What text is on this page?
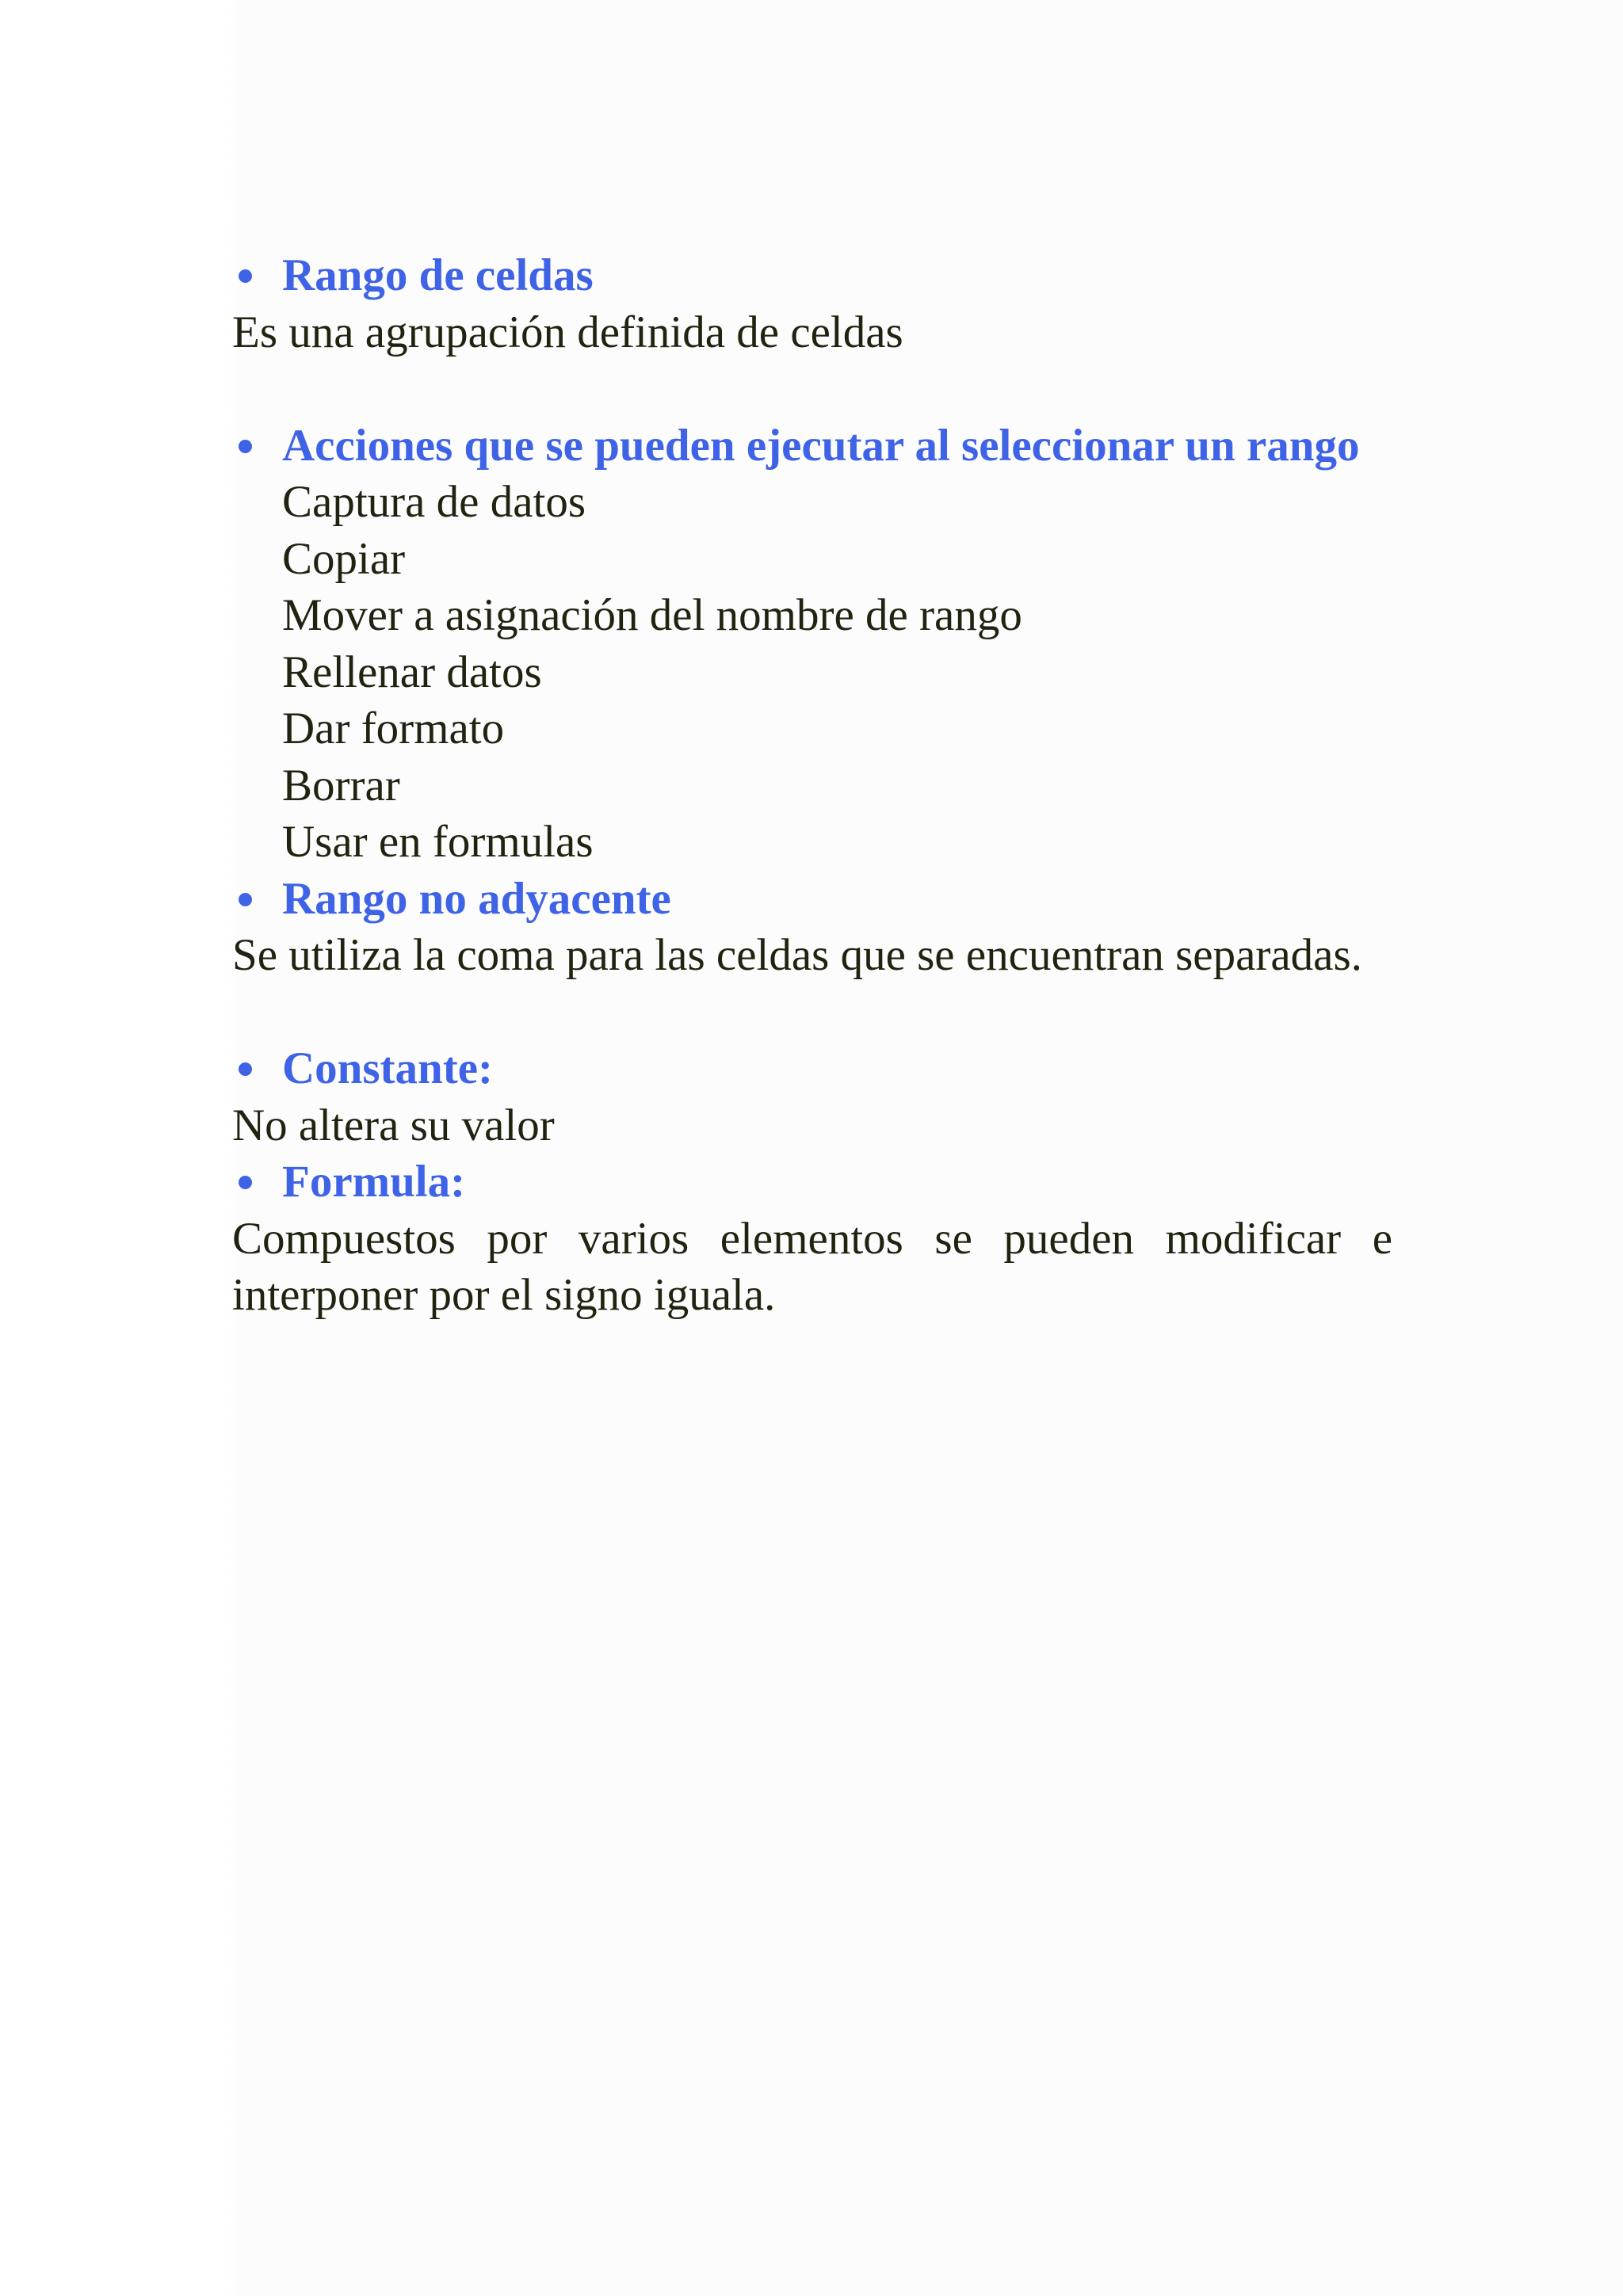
Rango de celdas
Es una agrupación definida de celdas
Acciones que se pueden ejecutar al seleccionar un rango
Captura de datos
Copiar
Mover a asignación del nombre de rango
Rellenar datos
Dar formato
Borrar
Usar en formulas
Rango no adyacente
Se utiliza la coma para las celdas que se encuentran separadas.
Constante:
No altera su valor
Formula:
Compuestos por varios elementos se pueden modificar e interponer por el signo iguala.
